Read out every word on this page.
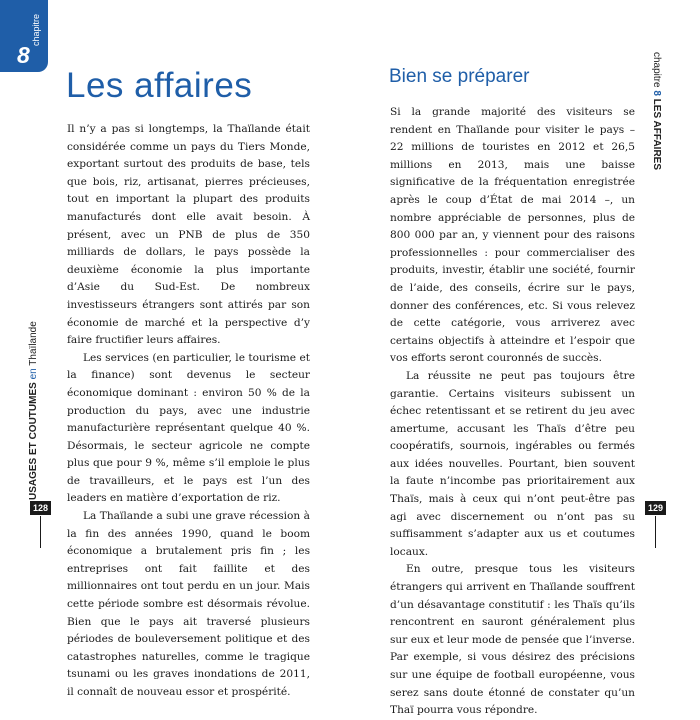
chapitre
8
Les affaires

Il n’y a pas si longtemps, la Thaïlande était considérée comme un pays du Tiers Monde, exportant surtout des produits de base, tels que bois, riz, artisanat, pierres précieuses, tout en important la plupart des produits manufacturés dont elle avait besoin. À présent, avec un PNB de plus de 350 milliards de dollars, le pays possède la deuxième économie la plus importante d’Asie du Sud-Est. De nombreux investisseurs étrangers sont attirés par son économie de marché et la perspective d’y faire fructifier leurs affaires.

Les services (en particulier, le tourisme et la finance) sont devenus le secteur économique dominant : environ 50 % de la production du pays, avec une industrie manufacturière représentant quelque 40 %. Désormais, le secteur agricole ne compte plus que pour 9 %, même s’il emploie le plus de travailleurs, et le pays est l’un des leaders en matière d’exportation de riz.

La Thaïlande a subi une grave récession à la fin des années 1990, quand le boom économique a brutalement pris fin ; les entreprises ont fait faillite et des millionnaires ont tout perdu en un jour. Mais cette période sombre est désormais révolue. Bien que le pays ait traversé plusieurs périodes de bouleversement politique et des catastrophes naturelles, comme le tragique tsunami ou les graves inondations de 2011, il connaît de nouveau essor et prospérité.

USAGES ET COUTUMES en Thaïlande
128
Bien se préparer

Si la grande majorité des visiteurs se rendent en Thaïlande pour visiter le pays – 22 millions de touristes en 2012 et 26,5 millions en 2013, mais une baisse significative de la fréquentation enregistrée après le coup d’État de mai 2014 –, un nombre appréciable de personnes, plus de 800 000 par an, y viennent pour des raisons professionnelles : pour commercialiser des produits, investir, établir une société, fournir de l’aide, des conseils, écrire sur le pays, donner des conférences, etc. Si vous relevez de cette catégorie, vous arriverez avec certains objectifs à atteindre et l’espoir que vos efforts seront couronnés de succès.

La réussite ne peut pas toujours être garantie. Certains visiteurs subissent un échec retentissant et se retirent du jeu avec amertume, accusant les Thaïs d’être peu coopératifs, sournois, ingérables ou fermés aux idées nouvelles. Pourtant, bien souvent la faute n’incombe pas prioritairement aux Thaïs, mais à ceux qui n’ont peut-être pas agi avec discernement ou n’ont pas su suffisamment s’adapter aux us et coutumes locaux.

En outre, presque tous les visiteurs étrangers qui arrivent en Thaïlande souffrent d’un désavantage constitutif : les Thaïs qu’ils rencontrent en sauront généralement plus sur eux et leur mode de pensée que l’inverse. Par exemple, si vous désirez des précisions sur une équipe de football européenne, vous serez sans doute étonné de constater qu’un Thaï pourra vous répondre.

chapitre 8 LES AFFAIRES
129
